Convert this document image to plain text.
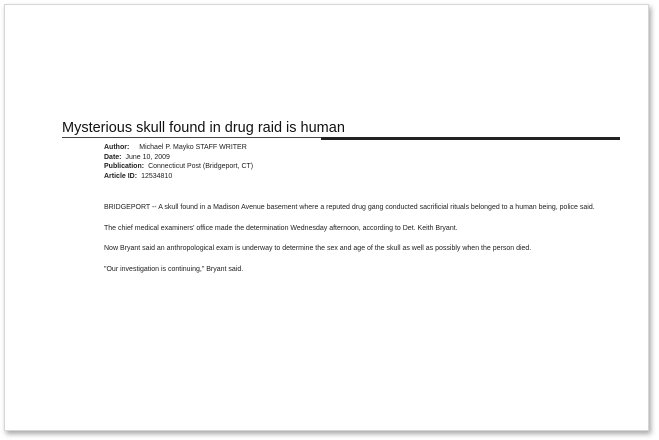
Mysterious skull found in drug raid is human
Author: Michael P. Mayko STAFF WRITER
Date: June 10, 2009
Publication: Connecticut Post (Bridgeport, CT)
Article ID: 12534810

BRIDGEPORT -- A skull found in a Madison Avenue basement where a reputed drug gang conducted sacrificial rituals belonged to a human being, police said.

The chief medical examiners' office made the determination Wednesday afternoon, according to Det. Keith Bryant.

Now Bryant said an anthropological exam is underway to determine the sex and age of the skull as well as possibly when the person died.

"Our investigation is continuing," Bryant said.
